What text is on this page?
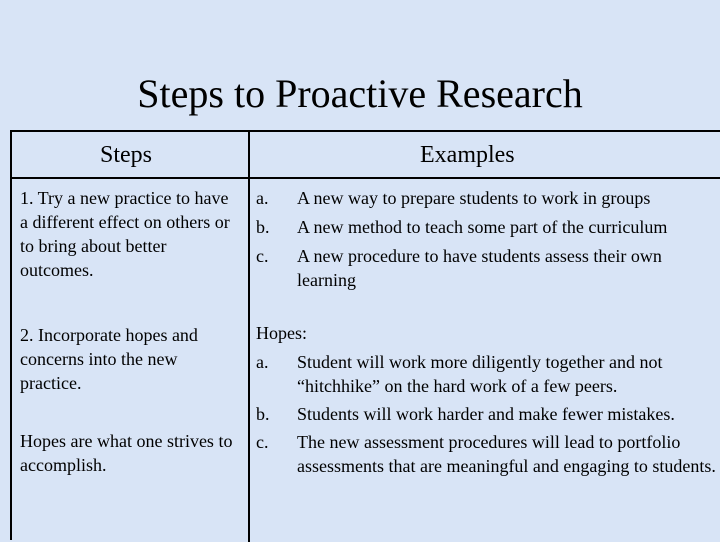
Steps to Proactive Research
Steps	Examples
1. Try a new practice to have a different effect on others or to bring about better outcomes.
a. A new way to prepare students to work in groups
b. A new method to teach some part of the curriculum
c. A new procedure to have students assess their own learning
2. Incorporate hopes and concerns into the new practice.
Hopes are what one strives to accomplish.
Hopes:
a. Student will work more diligently together and not “hitchhike” on the hard work of a few peers.
b. Students will work harder and make fewer mistakes.
c. The new assessment procedures will lead to portfolio assessments that are meaningful and engaging to students.
